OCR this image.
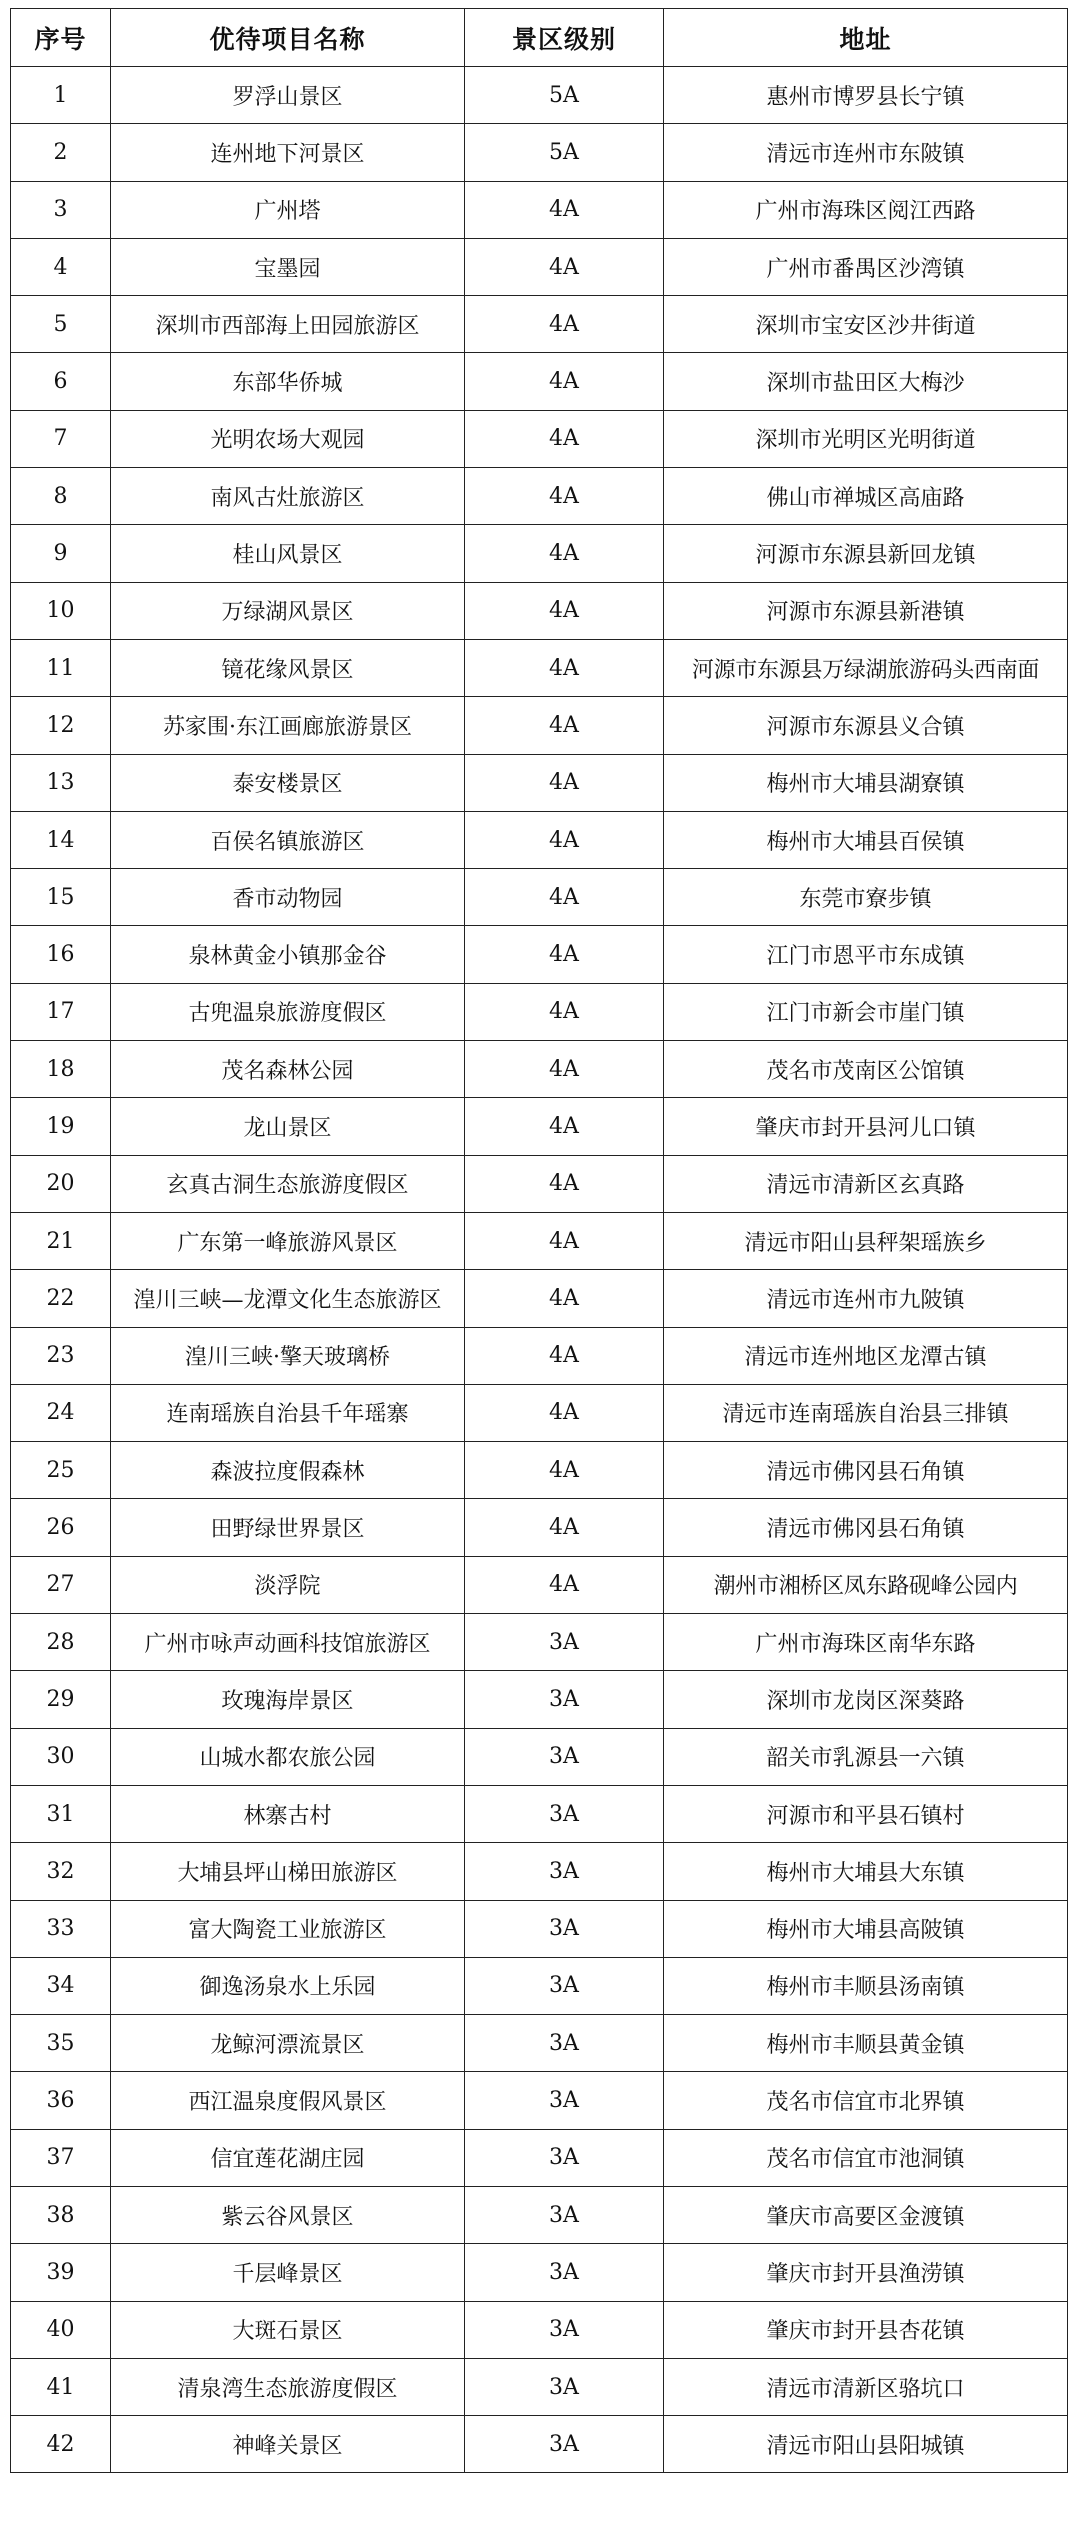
序号	优待项目名称	景区级别	地址
1	罗浮山景区	5A	惠州市博罗县长宁镇
2	连州地下河景区	5A	清远市连州市东陂镇
3	广州塔	4A	广州市海珠区阅江西路
4	宝墨园	4A	广州市番禺区沙湾镇
5	深圳市西部海上田园旅游区	4A	深圳市宝安区沙井街道
6	东部华侨城	4A	深圳市盐田区大梅沙
7	光明农场大观园	4A	深圳市光明区光明街道
8	南风古灶旅游区	4A	佛山市禅城区高庙路
9	桂山风景区	4A	河源市东源县新回龙镇
10	万绿湖风景区	4A	河源市东源县新港镇
11	镜花缘风景区	4A	河源市东源县万绿湖旅游码头西南面
12	苏家围·东江画廊旅游景区	4A	河源市东源县义合镇
13	泰安楼景区	4A	梅州市大埔县湖寮镇
14	百侯名镇旅游区	4A	梅州市大埔县百侯镇
15	香市动物园	4A	东莞市寮步镇
16	泉林黄金小镇那金谷	4A	江门市恩平市东成镇
17	古兜温泉旅游度假区	4A	江门市新会市崖门镇
18	茂名森林公园	4A	茂名市茂南区公馆镇
19	龙山景区	4A	肇庆市封开县河儿口镇
20	玄真古洞生态旅游度假区	4A	清远市清新区玄真路
21	广东第一峰旅游风景区	4A	清远市阳山县秤架瑶族乡
22	湟川三峡—龙潭文化生态旅游区	4A	清远市连州市九陂镇
23	湟川三峡·擎天玻璃桥	4A	清远市连州地区龙潭古镇
24	连南瑶族自治县千年瑶寨	4A	清远市连南瑶族自治县三排镇
25	森波拉度假森林	4A	清远市佛冈县石角镇
26	田野绿世界景区	4A	清远市佛冈县石角镇
27	淡浮院	4A	潮州市湘桥区凤东路砚峰公园内
28	广州市咏声动画科技馆旅游区	3A	广州市海珠区南华东路
29	玫瑰海岸景区	3A	深圳市龙岗区深葵路
30	山城水都农旅公园	3A	韶关市乳源县一六镇
31	林寨古村	3A	河源市和平县石镇村
32	大埔县坪山梯田旅游区	3A	梅州市大埔县大东镇
33	富大陶瓷工业旅游区	3A	梅州市大埔县高陂镇
34	御逸汤泉水上乐园	3A	梅州市丰顺县汤南镇
35	龙鲸河漂流景区	3A	梅州市丰顺县黄金镇
36	西江温泉度假风景区	3A	茂名市信宜市北界镇
37	信宜莲花湖庄园	3A	茂名市信宜市池洞镇
38	紫云谷风景区	3A	肇庆市高要区金渡镇
39	千层峰景区	3A	肇庆市封开县渔涝镇
40	大斑石景区	3A	肇庆市封开县杏花镇
41	清泉湾生态旅游度假区	3A	清远市清新区骆坑口
42	神峰关景区	3A	清远市阳山县阳城镇
